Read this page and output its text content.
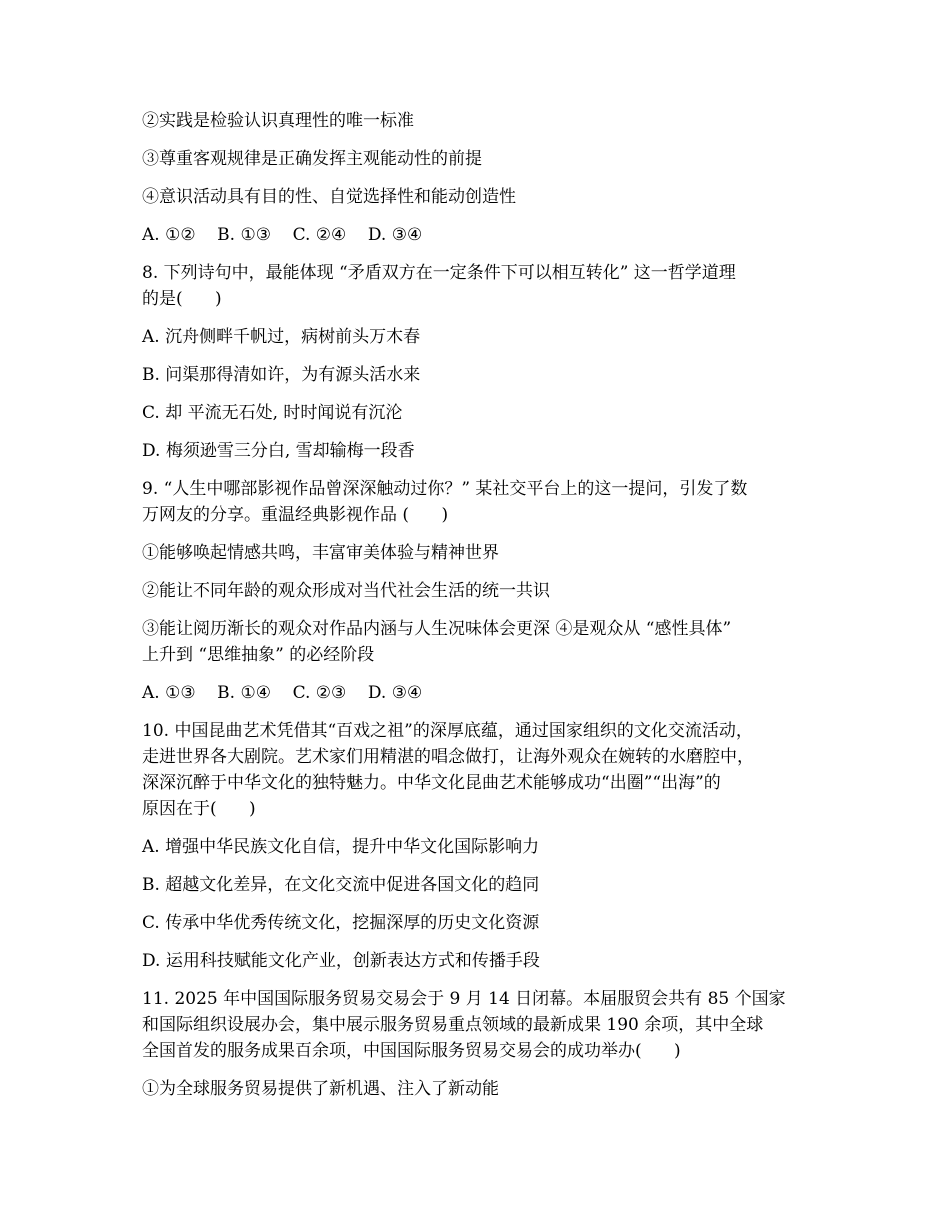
②实践是检验认识真理性的唯一标准
③尊重客观规律是正确发挥主观能动性的前提
④意识活动具有目的性、自觉选择性和能动创造性
A. ①②    B. ①③    C. ②④    D. ③④
8. 下列诗句中，最能体现 “矛盾双方在一定条件下可以相互转化” 这一哲学道理
的是(      )
A. 沉舟侧畔千帆过，病树前头万木春
B. 问渠那得清如许，为有源头活水来
C. 却 平流无石处, 时时闻说有沉沦
D. 梅须逊雪三分白, 雪却输梅一段香
9. “人生中哪部影视作品曾深深触动过你？” 某社交平台上的这一提问，引发了数
万网友的分享。重温经典影视作品 (      )
①能够唤起情感共鸣，丰富审美体验与精神世界
②能让不同年龄的观众形成对当代社会生活的统一共识
③能让阅历渐长的观众对作品内涵与人生况味体会更深 ④是观众从 “感性具体”
上升到 “思维抽象” 的必经阶段
A. ①③    B. ①④    C. ②③    D. ③④
10. 中国昆曲艺术凭借其“百戏之祖”的深厚底蕴，通过国家组织的文化交流活动，
走进世界各大剧院。艺术家们用精湛的唱念做打，让海外观众在婉转的水磨腔中，
深深沉醉于中华文化的独特魅力。中华文化昆曲艺术能够成功“出圈”“出海”的
原因在于(      )
A. 增强中华民族文化自信，提升中华文化国际影响力
B. 超越文化差异，在文化交流中促进各国文化的趋同
C. 传承中华优秀传统文化，挖掘深厚的历史文化资源
D. 运用科技赋能文化产业，创新表达方式和传播手段
11. 2025 年中国国际服务贸易交易会于 9 月 14 日闭幕。本届服贸会共有 85 个国家
和国际组织设展办会，集中展示服务贸易重点领域的最新成果 190 余项，其中全球
全国首发的服务成果百余项，中国国际服务贸易交易会的成功举办(      )
①为全球服务贸易提供了新机遇、注入了新动能
